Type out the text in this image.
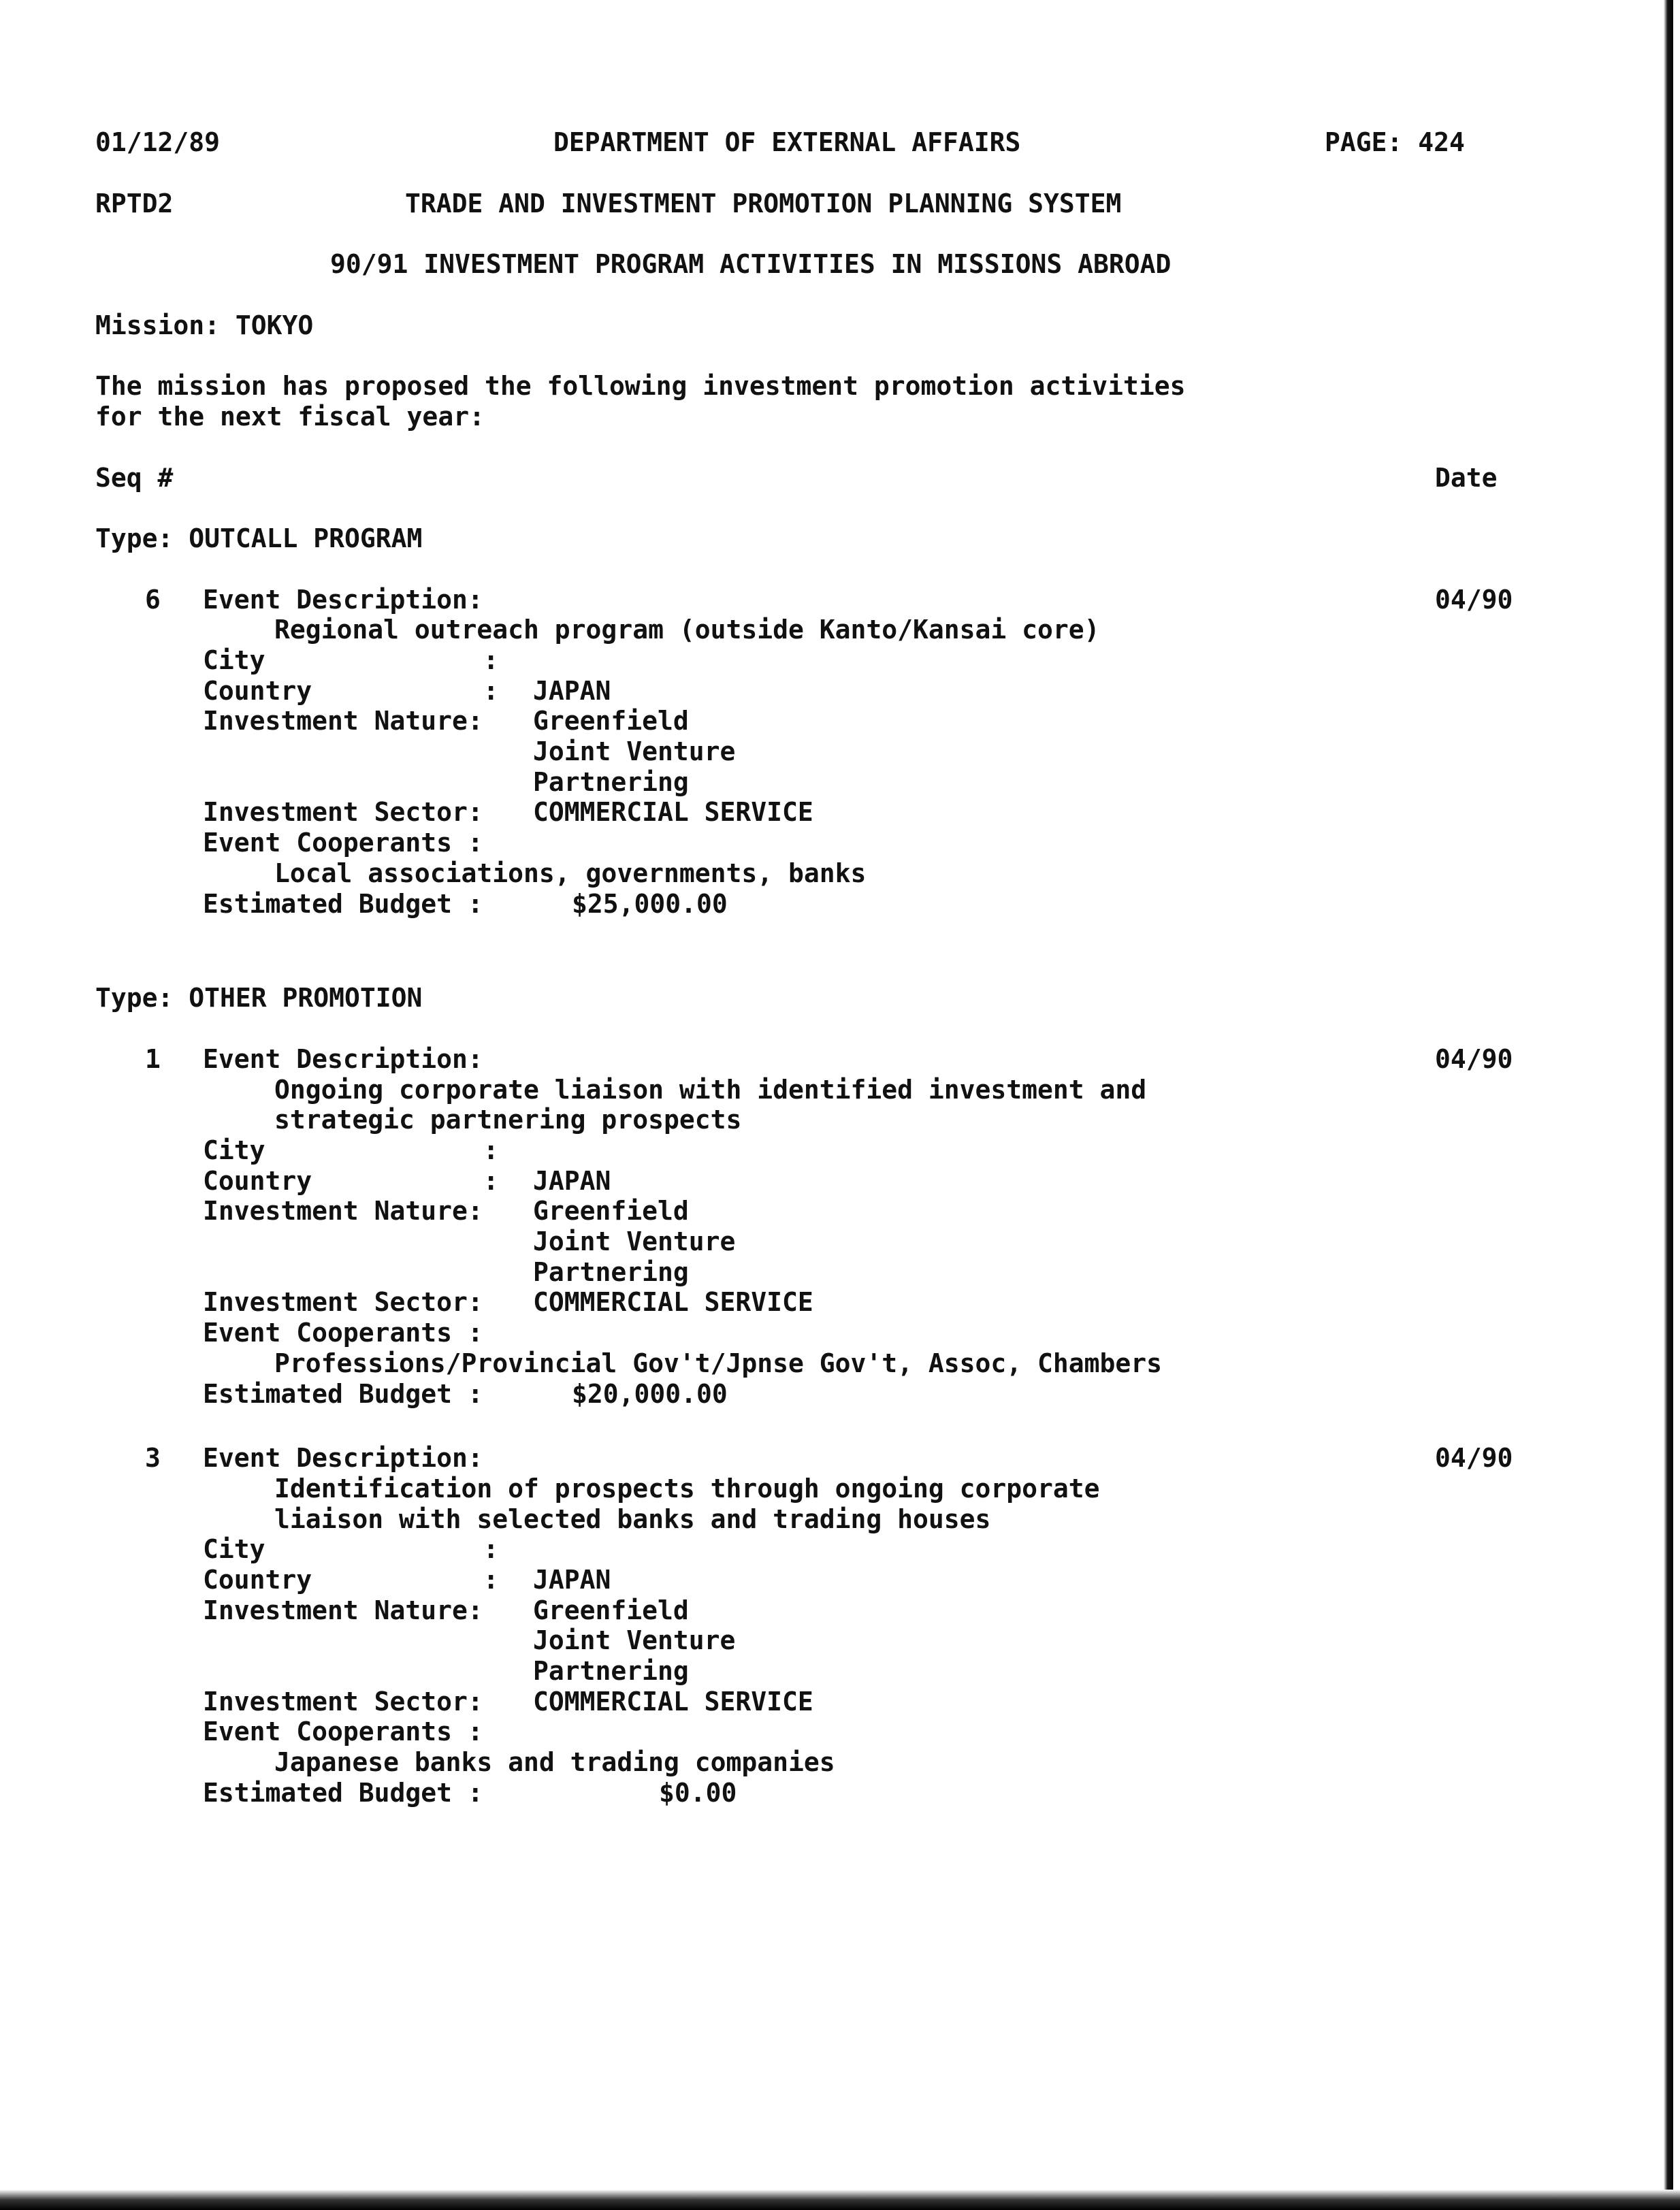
01/12/89	DEPARTMENT OF EXTERNAL AFFAIRS	PAGE: 424
RPTD2	TRADE AND INVESTMENT PROMOTION PLANNING SYSTEM
90/91 INVESTMENT PROGRAM ACTIVITIES IN MISSIONS ABROAD
Mission: TOKYO
The mission has proposed the following investment promotion activities
for the next fiscal year:
Seq #	Date
Type: OUTCALL PROGRAM
6 Event Description:	04/90
Regional outreach program (outside Kanto/Kansai core)
City              :
Country           : JAPAN
Investment Nature: Greenfield
Joint Venture
Partnering
Investment Sector: COMMERCIAL SERVICE
Event Cooperants :
Local associations, governments, banks
Estimated Budget :	$25,000.00
Type: OTHER PROMOTION
1 Event Description:	04/90
Ongoing corporate liaison with identified investment and
strategic partnering prospects
City              :
Country           : JAPAN
Investment Nature: Greenfield
Joint Venture
Partnering
Investment Sector: COMMERCIAL SERVICE
Event Cooperants :
Professions/Provincial Gov't/Jpnse Gov't, Assoc, Chambers
Estimated Budget :	$20,000.00
3 Event Description:	04/90
Identification of prospects through ongoing corporate
liaison with selected banks and trading houses
City              :
Country           : JAPAN
Investment Nature: Greenfield
Joint Venture
Partnering
Investment Sector: COMMERCIAL SERVICE
Event Cooperants :
Japanese banks and trading companies
Estimated Budget :	$0.00
